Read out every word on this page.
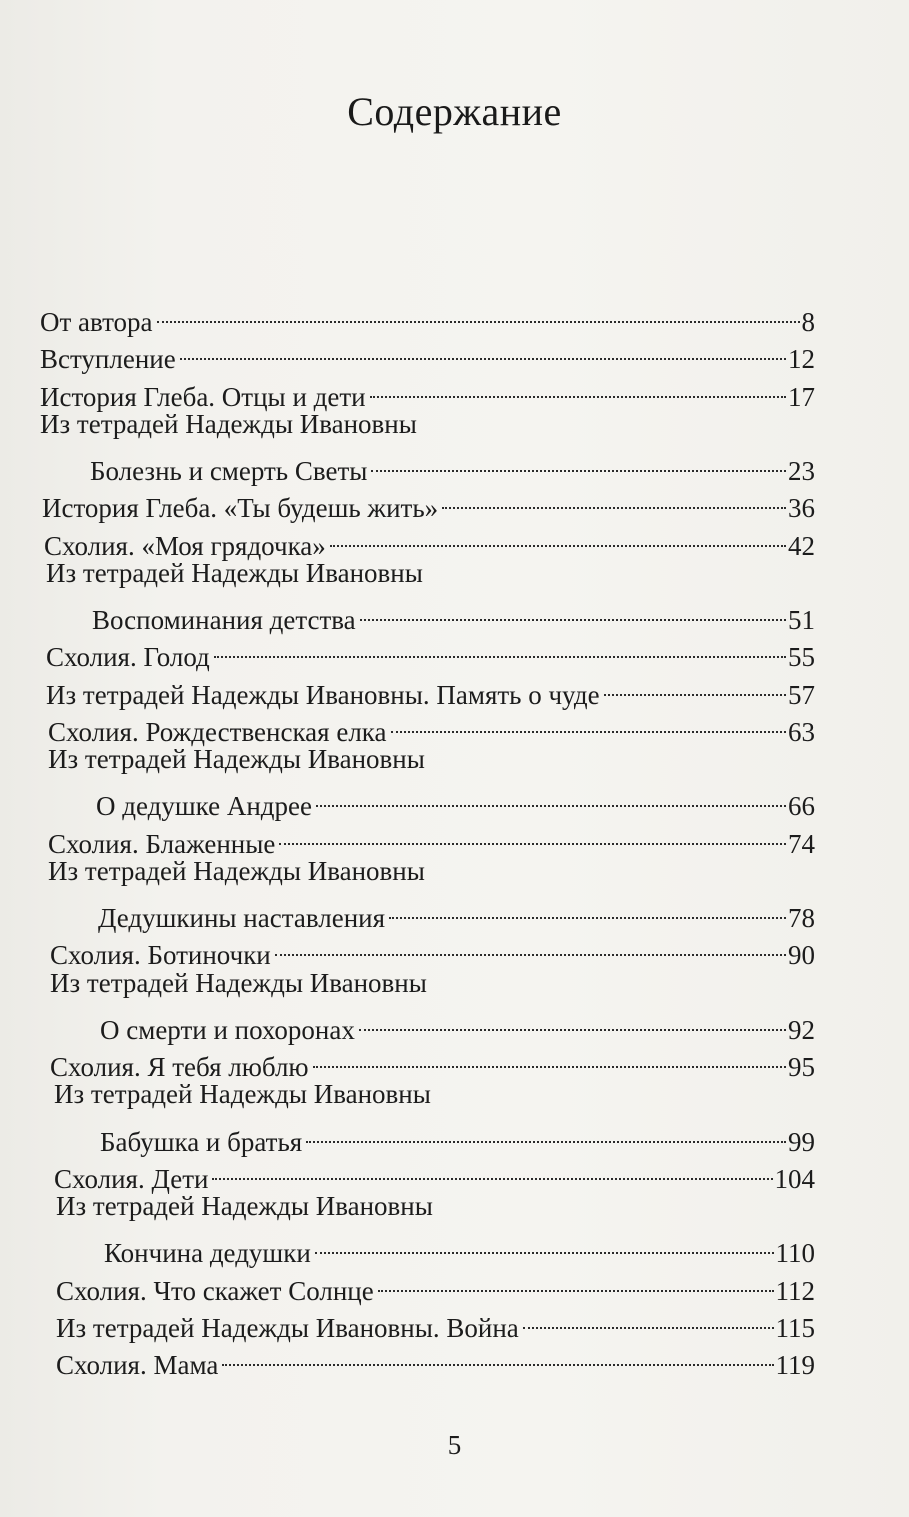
Содержание
От автора	8
Вступление	12
История Глеба. Отцы и дети	17
Из тетрадей Надежды Ивановны
Болезнь и смерть Светы	23
История Глеба. «Ты будешь жить»	36
Схолия. «Моя грядочка»	42
Из тетрадей Надежды Ивановны
Воспоминания детства	51
Схолия. Голод	55
Из тетрадей Надежды Ивановны. Память о чуде	57
Схолия. Рождественская елка	63
Из тетрадей Надежды Ивановны
О дедушке Андрее	66
Схолия. Блаженные	74
Из тетрадей Надежды Ивановны
Дедушкины наставления	78
Схолия. Ботиночки	90
Из тетрадей Надежды Ивановны
О смерти и похоронах	92
Схолия. Я тебя люблю	95
Из тетрадей Надежды Ивановны
Бабушка и братья	99
Схолия. Дети	104
Из тетрадей Надежды Ивановны
Кончина дедушки	110
Схолия. Что скажет Солнце	112
Из тетрадей Надежды Ивановны. Война	115
Схолия. Мама	119
5
